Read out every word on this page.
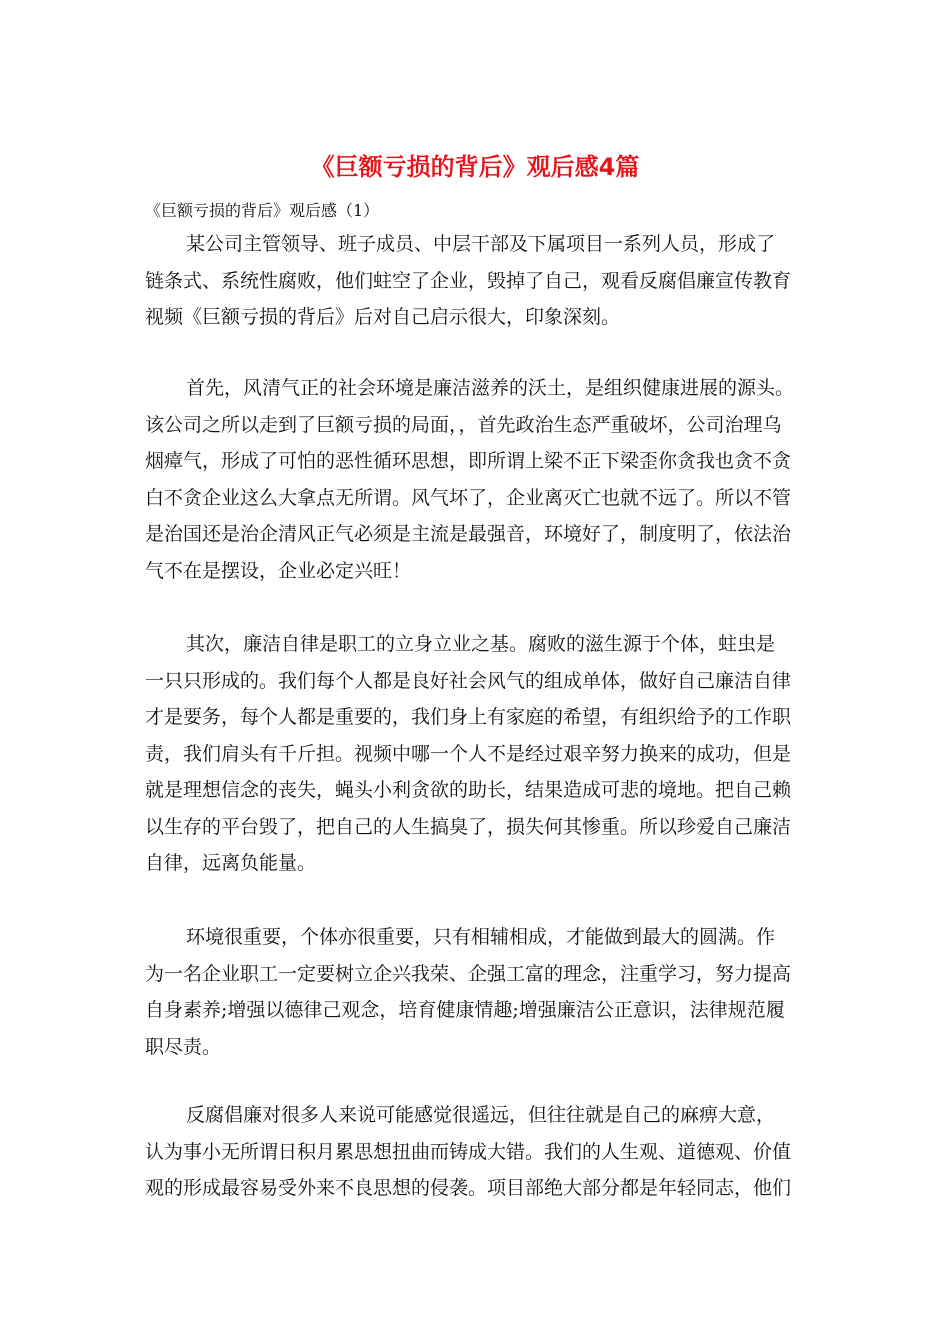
《巨额亏损的背后》观后感4篇

《巨额亏损的背后》观后感（1）

某公司主管领导、班子成员、中层干部及下属项目一系列人员，形成了
链条式、系统性腐败，他们蛀空了企业，毁掉了自己，观看反腐倡廉宣传教育
视频《巨额亏损的背后》后对自己启示很大，印象深刻。
首先，风清气正的社会环境是廉洁滋养的沃土，是组织健康进展的源头。
该公司之所以走到了巨额亏损的局面，，首先政治生态严重破坏，公司治理乌
烟瘴气，形成了可怕的恶性循环思想，即所谓上梁不正下梁歪你贪我也贪不贪
白不贪企业这么大拿点无所谓。风气坏了，企业离灭亡也就不远了。所以不管
是治国还是治企清风正气必须是主流是最强音，环境好了，制度明了，依法治
气不在是摆设，企业必定兴旺！
其次，廉洁自律是职工的立身立业之基。腐败的滋生源于个体，蛀虫是
一只只形成的。我们每个人都是良好社会风气的组成单体，做好自己廉洁自律
才是要务，每个人都是重要的，我们身上有家庭的希望，有组织给予的工作职
责，我们肩头有千斤担。视频中哪一个人不是经过艰辛努力换来的成功，但是
就是理想信念的丧失，蝇头小利贪欲的助长，结果造成可悲的境地。把自己赖
以生存的平台毁了，把自己的人生搞臭了，损失何其惨重。所以珍爱自己廉洁
自律，远离负能量。
环境很重要，个体亦很重要，只有相辅相成，才能做到最大的圆满。作
为一名企业职工一定要树立企兴我荣、企强工富的理念，注重学习，努力提高
自身素养;增强以德律己观念，培育健康情趣;增强廉洁公正意识，法律规范履
职尽责。
反腐倡廉对很多人来说可能感觉很遥远，但往往就是自己的麻痹大意，
认为事小无所谓日积月累思想扭曲而铸成大错。我们的人生观、道德观、价值
观的形成最容易受外来不良思想的侵袭。项目部绝大部分都是年轻同志，他们
